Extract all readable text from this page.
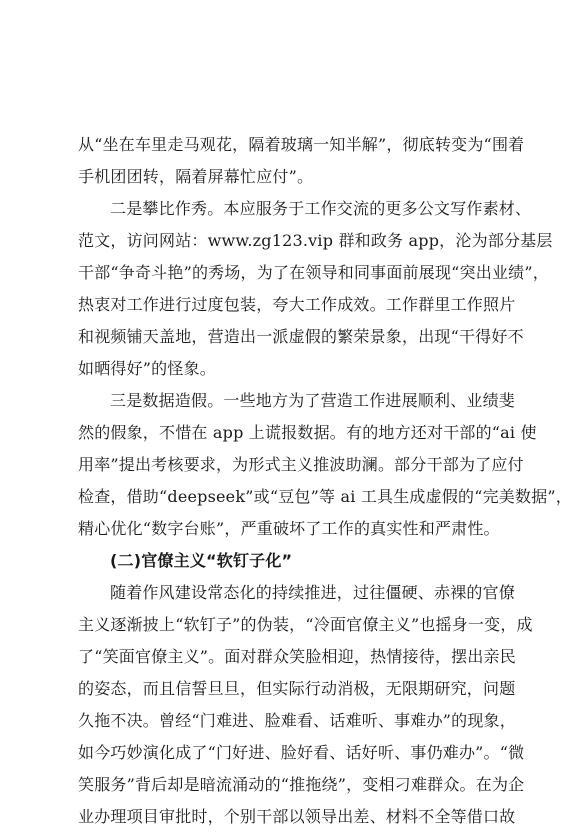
从“坐在车里走马观花，隔着玻璃一知半解”，彻底转变为“围着
手机团团转，隔着屏幕忙应付”。
二是攀比作秀。本应服务于工作交流的更多公文写作素材、
范文，访问网站：www.zg123.vip 群和政务 app，沦为部分基层
干部“争奇斗艳”的秀场，为了在领导和同事面前展现“突出业绩”，
热衷对工作进行过度包装，夸大工作成效。工作群里工作照片
和视频铺天盖地，营造出一派虚假的繁荣景象，出现“干得好不
如晒得好”的怪象。
三是数据造假。一些地方为了营造工作进展顺利、业绩斐
然的假象，不惜在 app 上谎报数据。有的地方还对干部的“ai 使
用率”提出考核要求，为形式主义推波助澜。部分干部为了应付
检查，借助“deepseek”或“豆包”等 ai 工具生成虚假的“完美数据”，
精心优化“数字台账”，严重破坏了工作的真实性和严肃性。
(二)官僚主义“软钉子化”
随着作风建设常态化的持续推进，过往僵硬、赤裸的官僚
主义逐渐披上“软钉子”的伪装，“冷面官僚主义”也摇身一变，成
了“笑面官僚主义”。面对群众笑脸相迎，热情接待，摆出亲民
的姿态，而且信誓旦旦，但实际行动消极，无限期研究，问题
久拖不决。曾经“门难进、脸难看、话难听、事难办”的现象，
如今巧妙演化成了“门好进、脸好看、话好听、事仍难办”。“微
笑服务”背后却是暗流涌动的“推拖绕”，变相刁难群众。在为企
业办理项目审批时，个别干部以领导出差、材料不全等借口故
